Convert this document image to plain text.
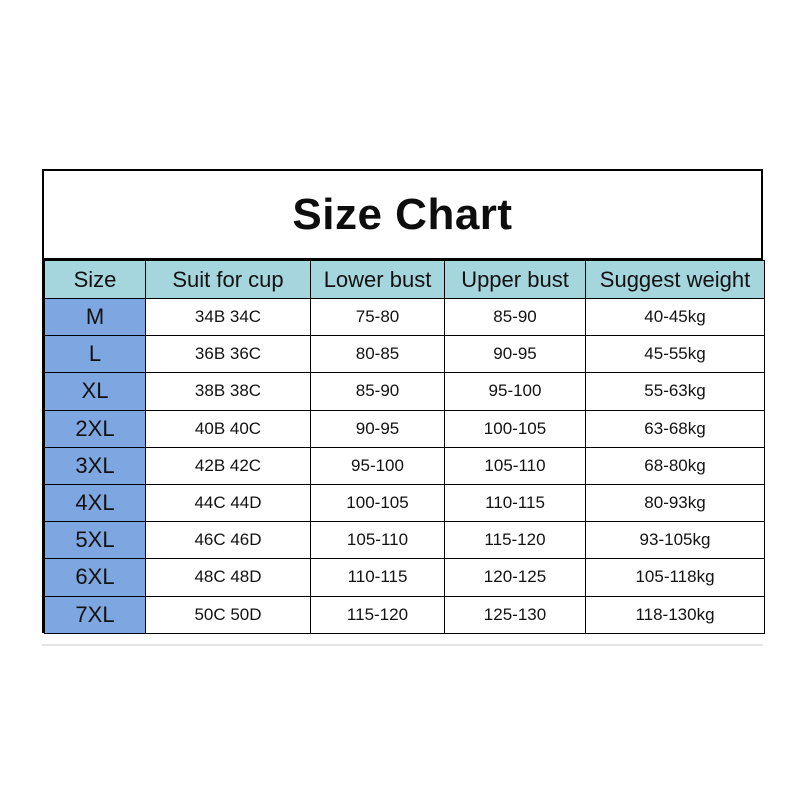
Size Chart
Size	Suit for cup	Lower bust	Upper bust	Suggest weight
M	34B 34C	75-80	85-90	40-45kg
L	36B 36C	80-85	90-95	45-55kg
XL	38B 38C	85-90	95-100	55-63kg
2XL	40B 40C	90-95	100-105	63-68kg
3XL	42B 42C	95-100	105-110	68-80kg
4XL	44C 44D	100-105	110-115	80-93kg
5XL	46C 46D	105-110	115-120	93-105kg
6XL	48C 48D	110-115	120-125	105-118kg
7XL	50C 50D	115-120	125-130	118-130kg
